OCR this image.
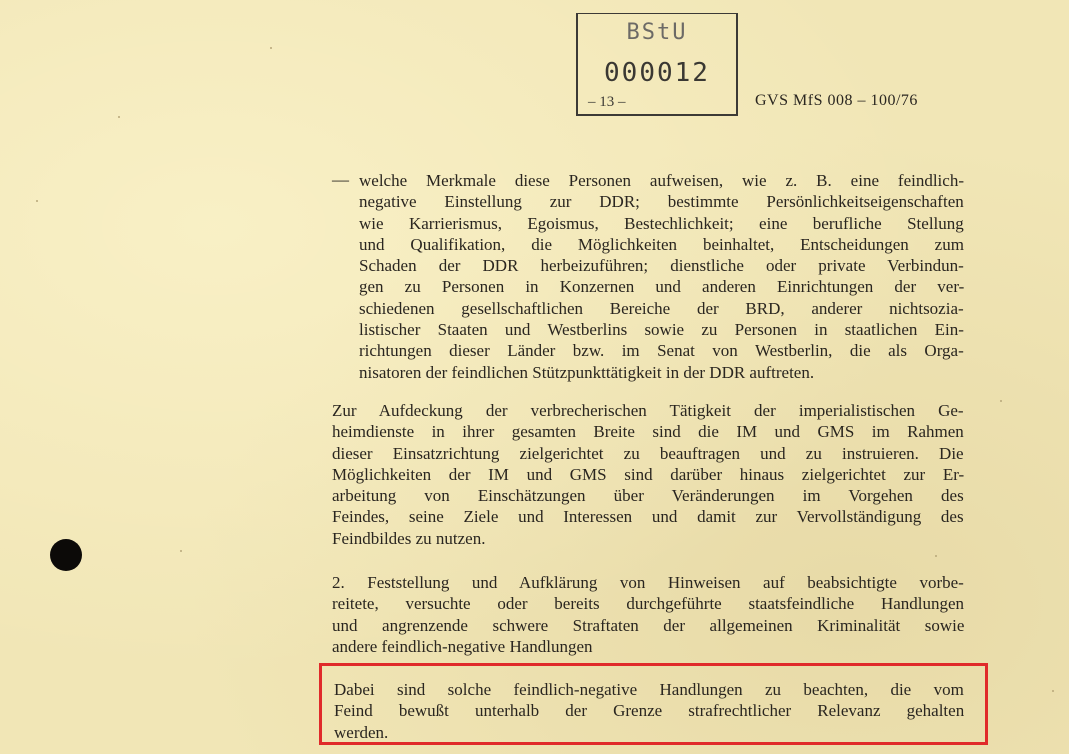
BStU
000012
– 13 –	GVS MfS 008 – 100/76
— welche Merkmale diese Personen aufweisen, wie z. B. eine feindlich-
negative Einstellung zur DDR; bestimmte Persönlichkeitseigenschaften
wie Karrierismus, Egoismus, Bestechlichkeit; eine berufliche Stellung
und Qualifikation, die Möglichkeiten beinhaltet, Entscheidungen zum
Schaden der DDR herbeizuführen; dienstliche oder private Verbindun-
gen zu Personen in Konzernen und anderen Einrichtungen der ver-
schiedenen gesellschaftlichen Bereiche der BRD, anderer nichtsozia-
listischer Staaten und Westberlins sowie zu Personen in staatlichen Ein-
richtungen dieser Länder bzw. im Senat von Westberlin, die als Orga-
nisatoren der feindlichen Stützpunkttätigkeit in der DDR auftreten.
Zur Aufdeckung der verbrecherischen Tätigkeit der imperialistischen Ge-
heimdienste in ihrer gesamten Breite sind die IM und GMS im Rahmen
dieser Einsatzrichtung zielgerichtet zu beauftragen und zu instruieren. Die
Möglichkeiten der IM und GMS sind darüber hinaus zielgerichtet zur Er-
arbeitung von Einschätzungen über Veränderungen im Vorgehen des
Feindes, seine Ziele und Interessen und damit zur Vervollständigung des
Feindbildes zu nutzen.
2. Feststellung und Aufklärung von Hinweisen auf beabsichtigte vorbe-
reitete, versuchte oder bereits durchgeführte staatsfeindliche Handlungen
und angrenzende schwere Straftaten der allgemeinen Kriminalität sowie
andere feindlich-negative Handlungen
Dabei sind solche feindlich-negative Handlungen zu beachten, die vom
Feind bewußt unterhalb der Grenze strafrechtlicher Relevanz gehalten
werden.
